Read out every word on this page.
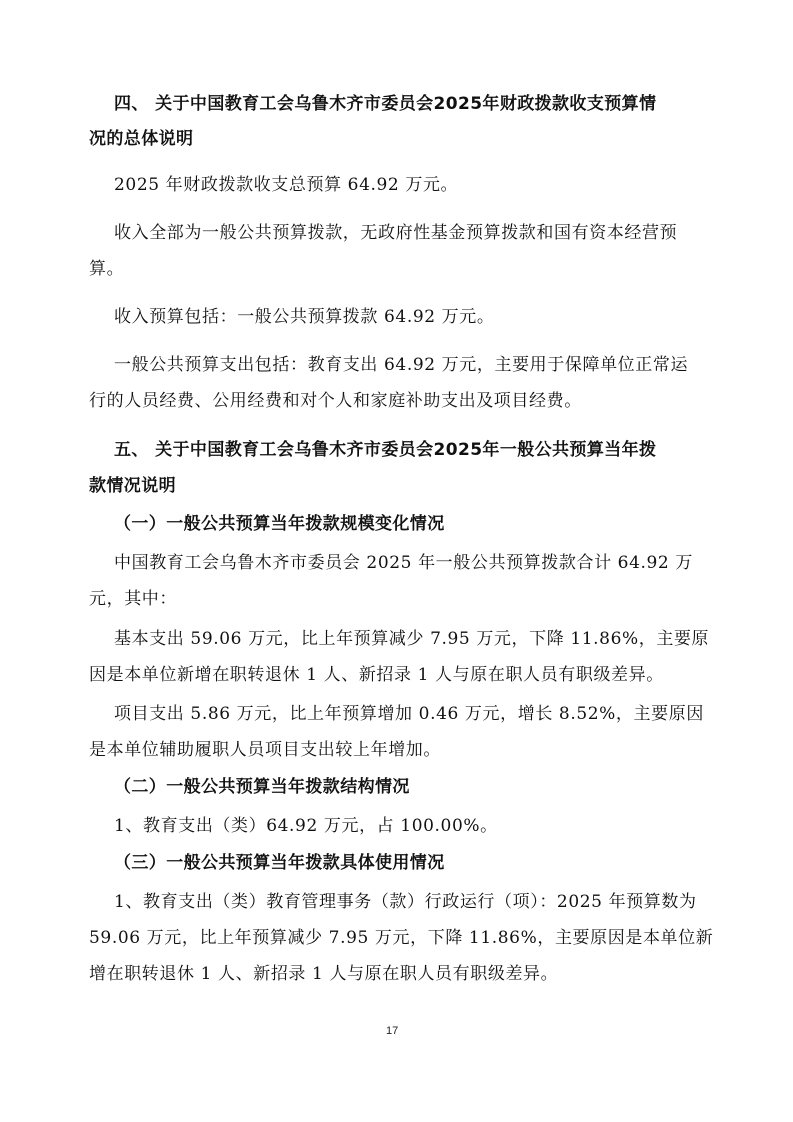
四、 关于中国教育工会乌鲁木齐市委员会2025年财政拨款收支预算情
况的总体说明
2025 年财政拨款收支总预算 64.92 万元。
收入全部为一般公共预算拨款，无政府性基金预算拨款和国有资本经营预
算。
收入预算包括：一般公共预算拨款 64.92 万元。
一般公共预算支出包括：教育支出 64.92 万元，主要用于保障单位正常运
行的人员经费、公用经费和对个人和家庭补助支出及项目经费。
五、 关于中国教育工会乌鲁木齐市委员会2025年一般公共预算当年拨
款情况说明
（一）一般公共预算当年拨款规模变化情况
中国教育工会乌鲁木齐市委员会 2025 年一般公共预算拨款合计 64.92 万
元，其中：
基本支出 59.06 万元，比上年预算减少 7.95 万元，下降 11.86%，主要原
因是本单位新增在职转退休 1 人、新招录 1 人与原在职人员有职级差异。
项目支出 5.86 万元，比上年预算增加 0.46 万元，增长 8.52%，主要原因
是本单位辅助履职人员项目支出较上年增加。
（二）一般公共预算当年拨款结构情况
1、教育支出（类）64.92 万元，占 100.00%。
（三）一般公共预算当年拨款具体使用情况
1、教育支出（类）教育管理事务（款）行政运行（项）：2025 年预算数为
59.06 万元，比上年预算减少 7.95 万元，下降 11.86%，主要原因是本单位新
增在职转退休 1 人、新招录 1 人与原在职人员有职级差异。
17
